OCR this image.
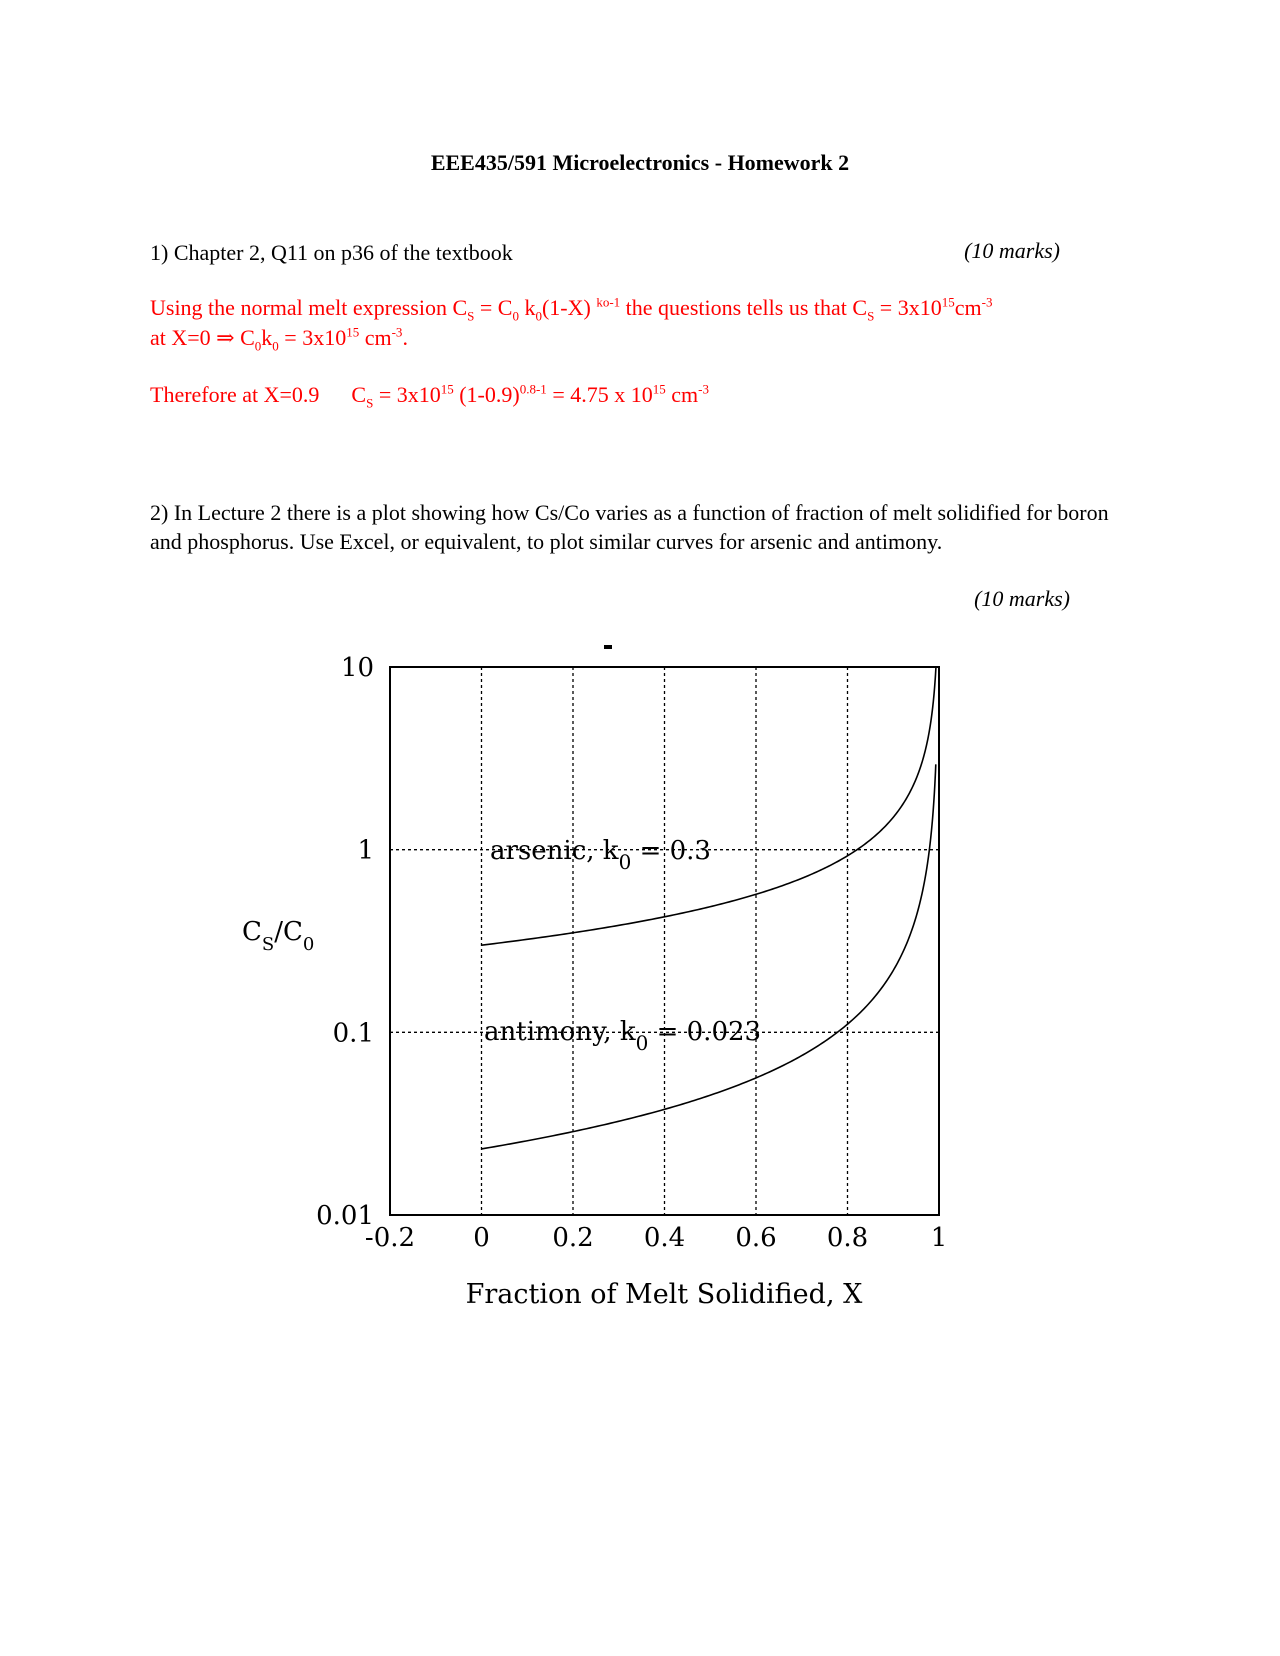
EEE435/591 Microelectronics - Homework 2
1) Chapter 2, Q11 on p36 of the textbook	(10 marks)
Using the normal melt expression $C_S = C_0$ $k_0(1-X)$ $^{ko-1}$ the questions tells us that $C_S = 3x10^{15}cm^{-3}$
at X=0 ⇒ $C_0k_0 = 3x10^{15}$ $cm^{-3}$.
Therefore at X=0.9 $C_S = 3x10^{15}$ $(1-0.9)^{0.8-1} = 4.75$ x $10^{15}$ $cm^{-3}$
2) In Lecture 2 there is a plot showing how Cs/Co varies as a function of fraction of melt solidified for boron and phosphorus. Use Excel, or equivalent, to plot similar curves for arsenic and antimony.
(10 marks)
-0.2 0 0.2 0.4 0.6 0.8 1
10
1
0.1
0.01
arsenic, $k_0 = 0.3$
antimony, $k_0 = 0.023$
$C_S/C_0$
Fraction of Melt Solidified, X
